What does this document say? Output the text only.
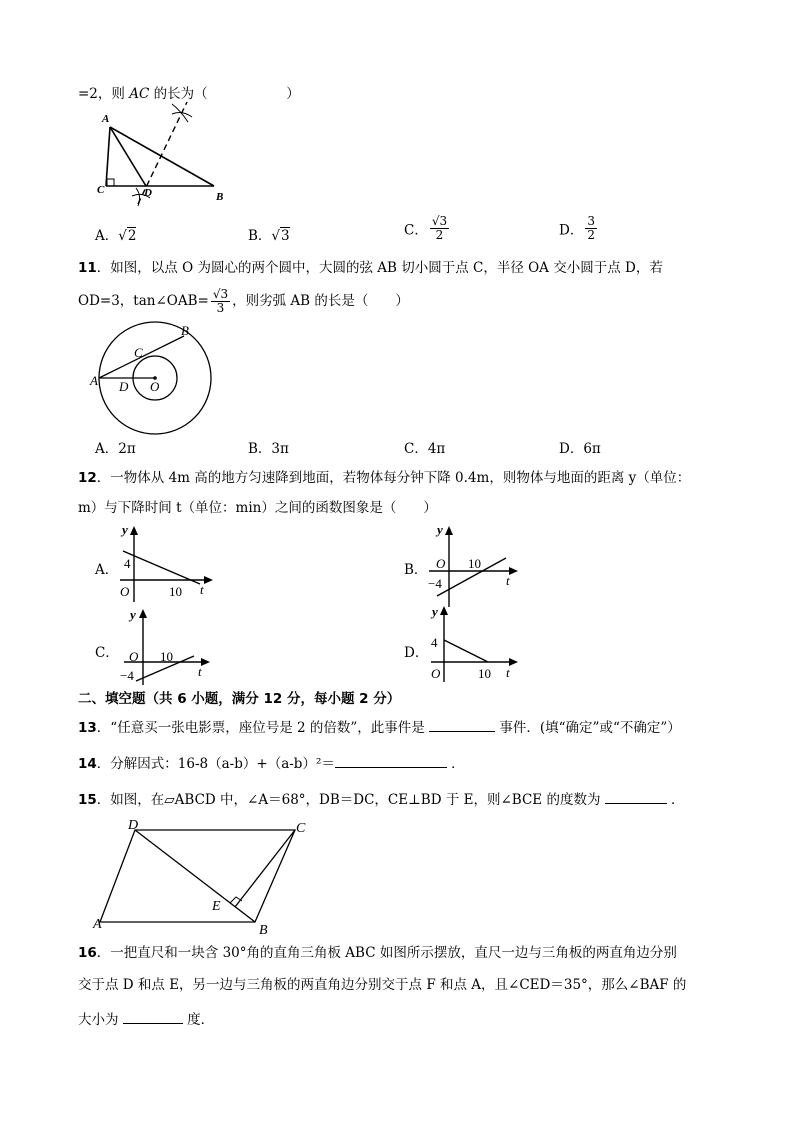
=2，则 AC 的长为（	）
A
C	D	B
A．√2	B．√3	C． $\frac{√3}{2}$	D． $\frac{3}{2}$
11．如图，以点 O 为圆心的两个圆中，大圆的弦 AB 切小圆于点 C，半径 OA 交小圆于点 D，若
OD=3，tan∠OAB= $\frac{√3}{3}$ ，则劣弧 AB 的长是（　　）
A
B
C
D O
A．2π	B．3π	C．4π	D．6π
12．一物体从 4m 高的地方匀速降到地面，若物体每分钟下降 0.4m，则物体与地面的距离 y（单位：
m）与下降时间 t（单位：min）之间的函数图象是（　　）
A．
y
4
O	10 t
B．
y
O 10
−4	t
C．
y
O 10
−4	t
D．
y
4
O	10 t
二、填空题（共 6 小题，满分 12 分，每小题 2 分）
13．“任意买一张电影票，座位号是 2 的倍数”，此事件是	事件．(填“确定”或“不确定”）
14．分解因式：16-8（a-b）+（a-b）²＝	．
15．如图，在▱ABCD 中，∠A＝68°，DB＝DC，CE⊥BD 于 E，则∠BCE 的度数为	．
D	C
A	B
E
16．一把直尺和一块含 30°角的直角三角板 ABC 如图所示摆放，直尺一边与三角板的两直角边分别
交于点 D 和点 E，另一边与三角板的两直角边分别交于点 F 和点 A，且∠CED＝35°，那么∠BAF 的
大小为	度．
